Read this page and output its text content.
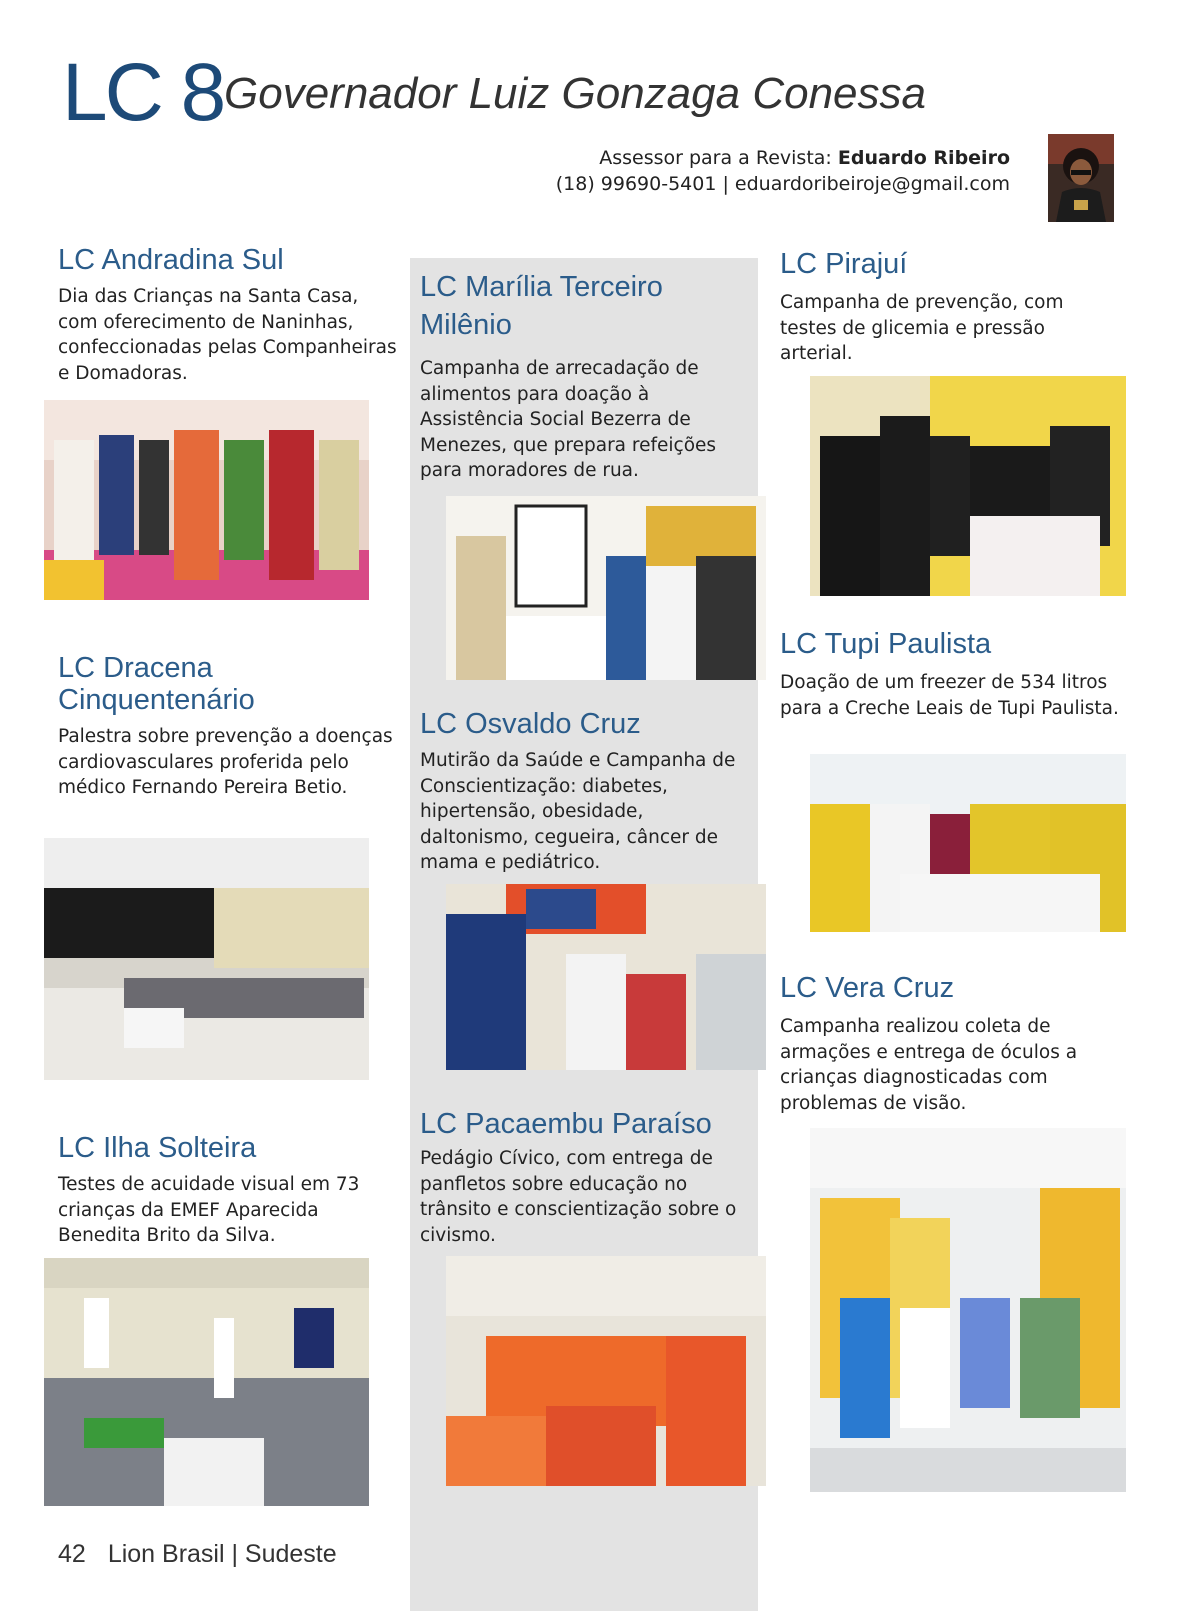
LC 8 Governador Luiz Gonzaga Conessa
Assessor para a Revista: Eduardo Ribeiro
(18) 99690-5401 | eduardoribeiroje@gmail.com
LC Andradina Sul

Dia das Crianças na Santa Casa, com oferecimento de Naninhas, confeccionadas pelas Companheiras e Domadoras.

LC Dracena Cinquentenário

Palestra sobre prevenção a doenças cardiovasculares proferida pelo médico Fernando Pereira Betio.

LC Ilha Solteira

Testes de acuidade visual em 73 crianças da EMEF Aparecida Benedita Brito da Silva.

LC Marília Terceiro Milênio

Campanha de arrecadação de alimentos para doação à Assistência Social Bezerra de Menezes, que prepara refeições para moradores de rua.

LC Osvaldo Cruz

Mutirão da Saúde e Campanha de Conscientização: diabetes, hipertensão, obesidade, daltonismo, cegueira, câncer de mama e pediátrico.

LC Pacaembu Paraíso

Pedágio Cívico, com entrega de panfletos sobre educação no trânsito e conscientização sobre o civismo.

LC Pirajuí

Campanha de prevenção, com testes de glicemia e pressão arterial.

LC Tupi Paulista

Doação de um freezer de 534 litros para a Creche Leais de Tupi Paulista.

LC Vera Cruz

Campanha realizou coleta de armações e entrega de óculos a crianças diagnosticadas com problemas de visão.

42 Lion Brasil | Sudeste
